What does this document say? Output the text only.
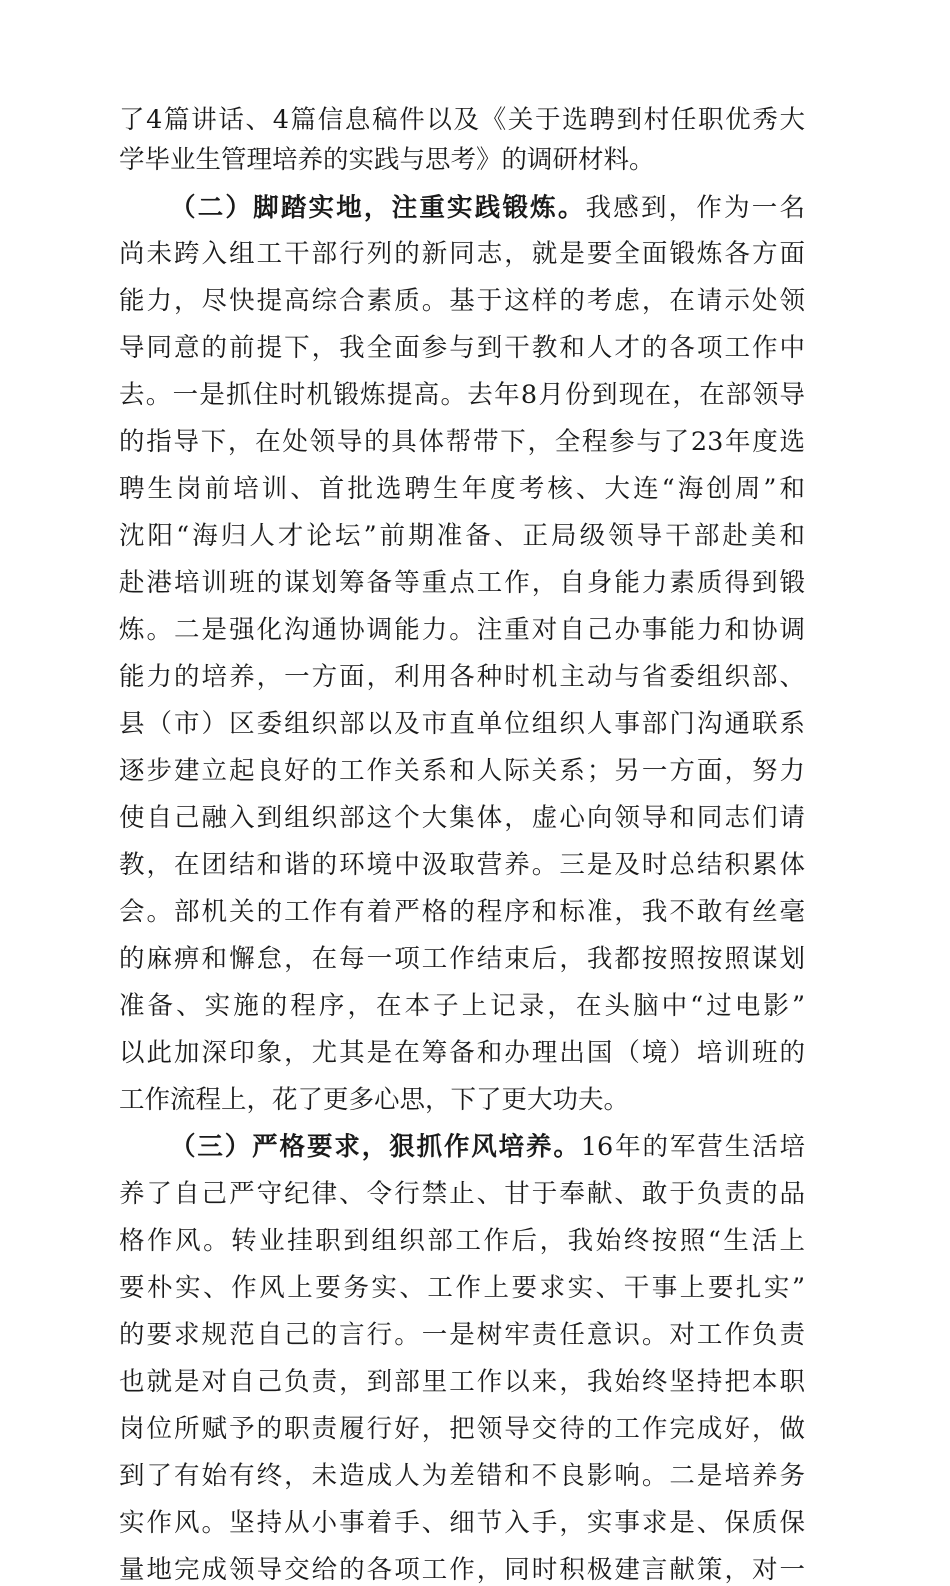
了4篇讲话、4篇信息稿件以及《关于选聘到村任职优秀大
学毕业生管理培养的实践与思考》的调研材料。
（二）脚踏实地，注重实践锻炼。我感到，作为一名
尚未跨入组工干部行列的新同志，就是要全面锻炼各方面
能力，尽快提高综合素质。基于这样的考虑，在请示处领
导同意的前提下，我全面参与到干教和人才的各项工作中
去。一是抓住时机锻炼提高。去年8月份到现在，在部领导
的指导下，在处领导的具体帮带下，全程参与了23年度选
聘生岗前培训、首批选聘生年度考核、大连“海创周”和
沈阳“海归人才论坛”前期准备、正局级领导干部赴美和
赴港培训班的谋划筹备等重点工作，自身能力素质得到锻
炼。二是强化沟通协调能力。注重对自己办事能力和协调
能力的培养，一方面，利用各种时机主动与省委组织部、
县（市）区委组织部以及市直单位组织人事部门沟通联系
逐步建立起良好的工作关系和人际关系；另一方面，努力
使自己融入到组织部这个大集体，虚心向领导和同志们请
教，在团结和谐的环境中汲取营养。三是及时总结积累体
会。部机关的工作有着严格的程序和标准，我不敢有丝毫
的麻痹和懈怠，在每一项工作结束后，我都按照按照谋划
准备、实施的程序，在本子上记录，在头脑中“过电影”
以此加深印象，尤其是在筹备和办理出国（境）培训班的
工作流程上，花了更多心思，下了更大功夫。
（三）严格要求，狠抓作风培养。16年的军营生活培
养了自己严守纪律、令行禁止、甘于奉献、敢于负责的品
格作风。转业挂职到组织部工作后，我始终按照“生活上
要朴实、作风上要务实、工作上要求实、干事上要扎实”
的要求规范自己的言行。一是树牢责任意识。对工作负责
也就是对自己负责，到部里工作以来，我始终坚持把本职
岗位所赋予的职责履行好，把领导交待的工作完成好，做
到了有始有终，未造成人为差错和不良影响。二是培养务
实作风。坚持从小事着手、细节入手，实事求是、保质保
量地完成领导交给的各项工作，同时积极建言献策，对一
